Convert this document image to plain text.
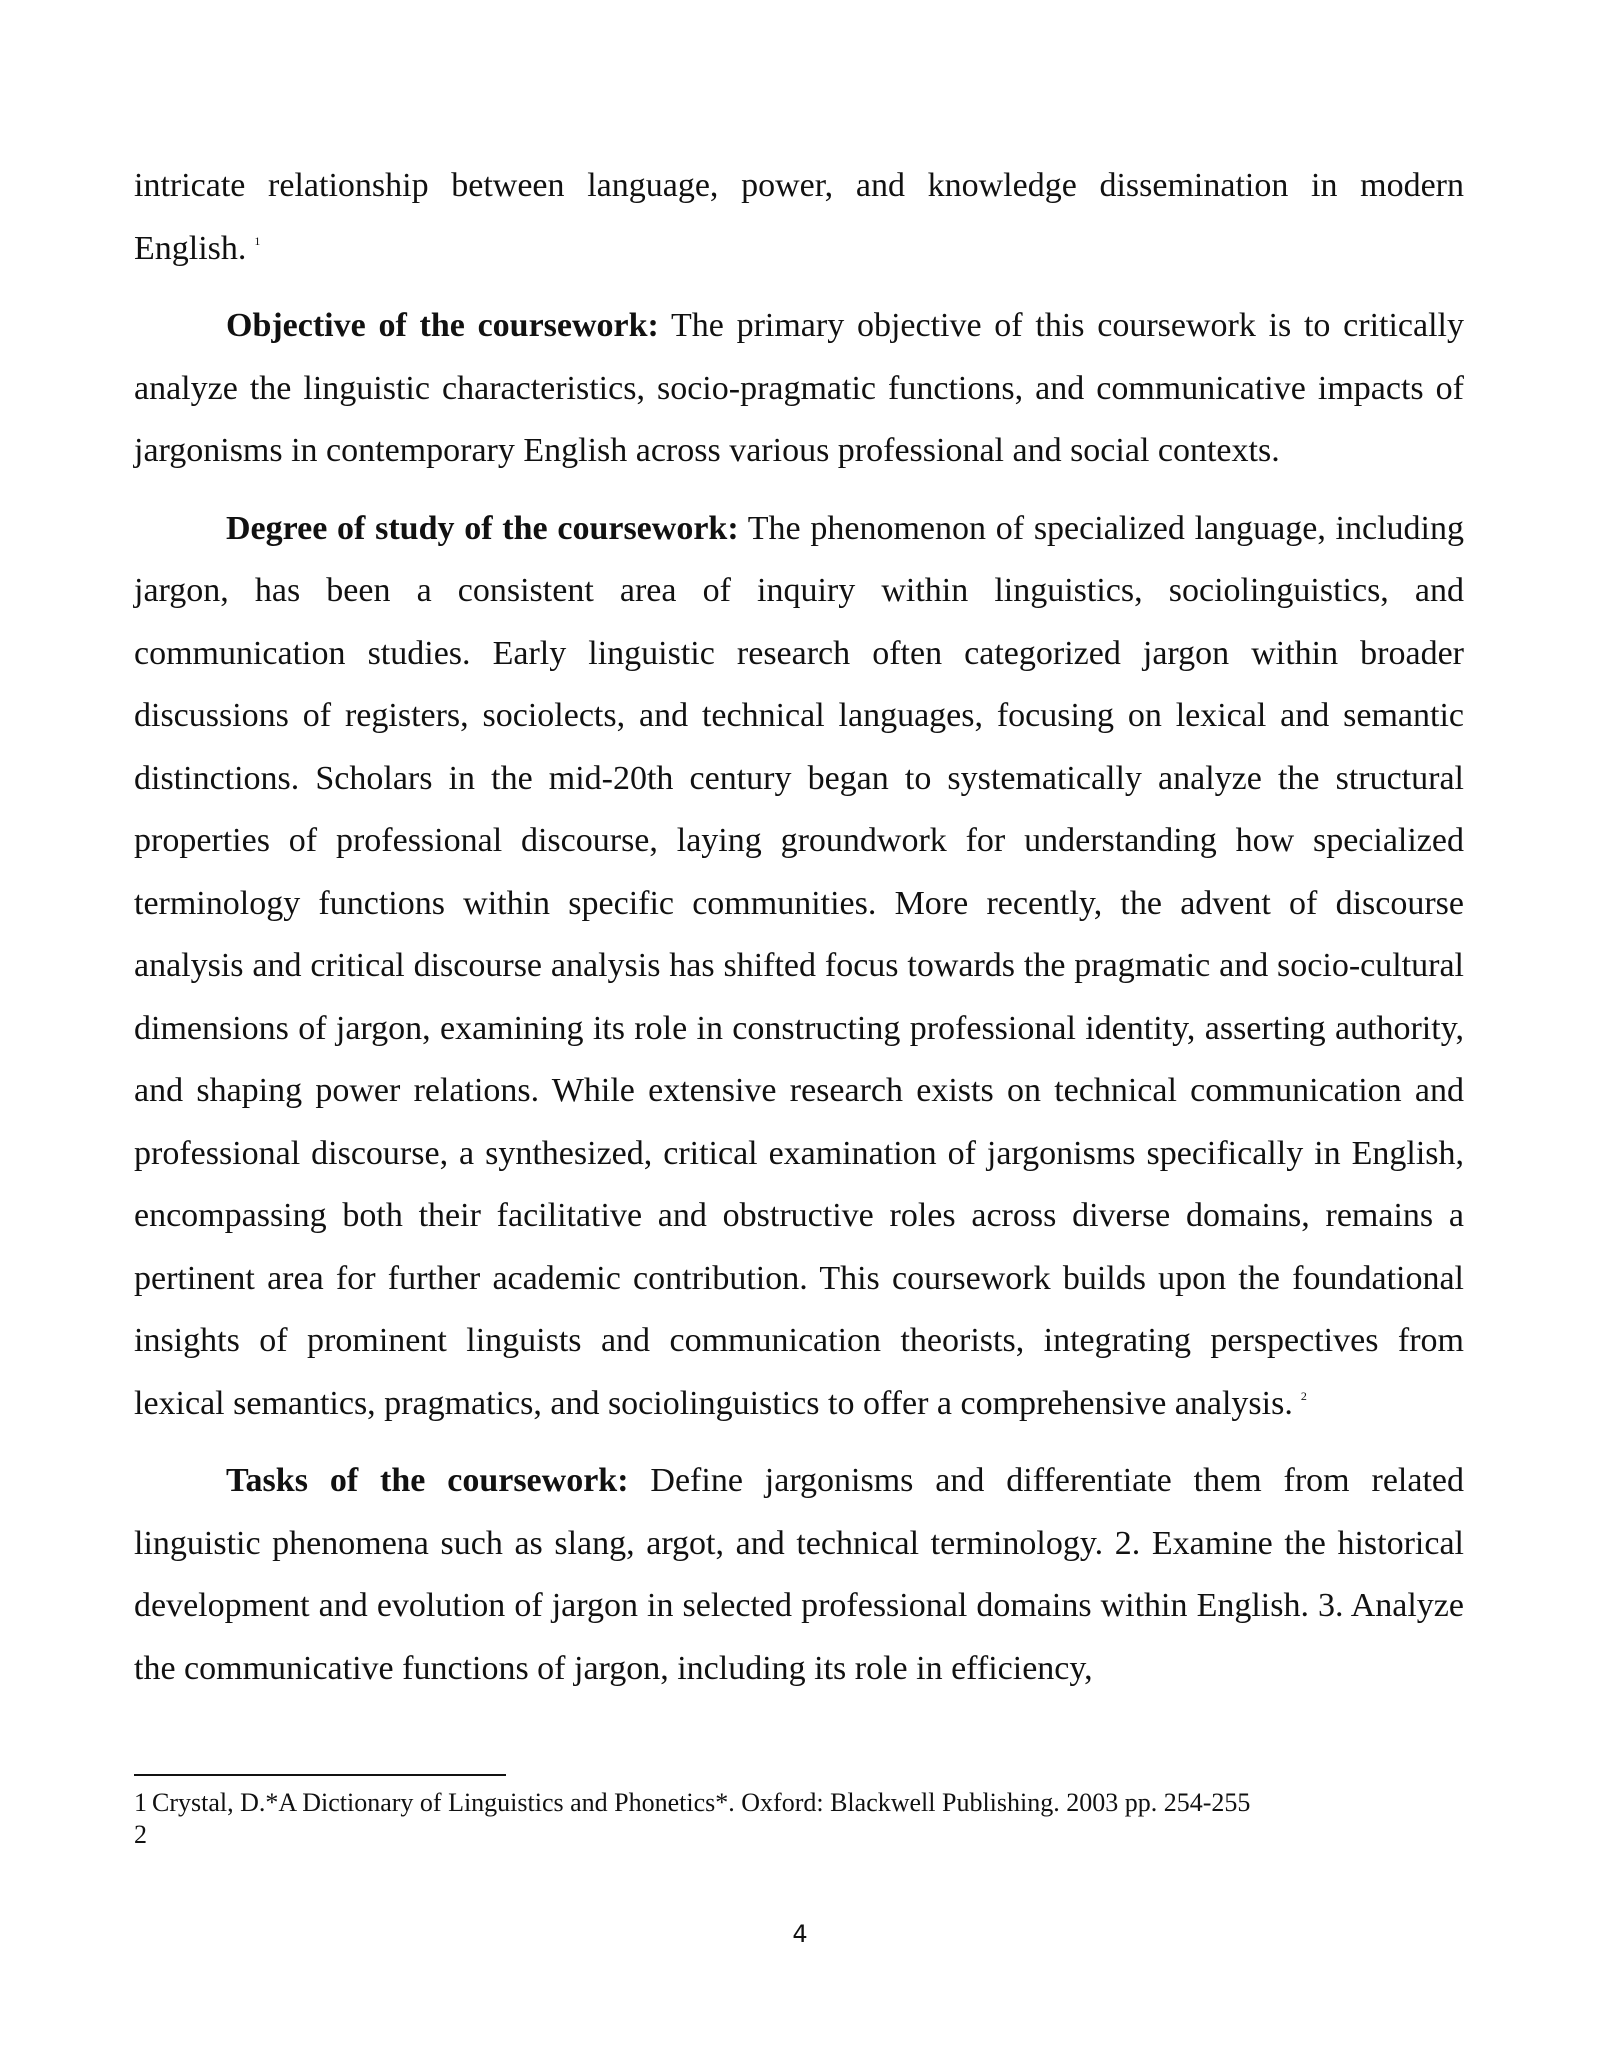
intricate relationship between language, power, and knowledge dissemination in modern English. $^1$

Objective of the coursework: The primary objective of this coursework is to critically analyze the linguistic characteristics, socio-pragmatic functions, and communicative impacts of jargonisms in contemporary English across various professional and social contexts.

Degree of study of the coursework: The phenomenon of specialized language, including jargon, has been a consistent area of inquiry within linguistics, sociolinguistics, and communication studies. Early linguistic research often categorized jargon within broader discussions of registers, sociolects, and technical languages, focusing on lexical and semantic distinctions. Scholars in the mid-20th century began to systematically analyze the structural properties of professional discourse, laying groundwork for understanding how specialized terminology functions within specific communities. More recently, the advent of discourse analysis and critical discourse analysis has shifted focus towards the pragmatic and socio-cultural dimensions of jargon, examining its role in constructing professional identity, asserting authority, and shaping power relations. While extensive research exists on technical communication and professional discourse, a synthesized, critical examination of jargonisms specifically in English, encompassing both their facilitative and obstructive roles across diverse domains, remains a pertinent area for further academic contribution. This coursework builds upon the foundational insights of prominent linguists and communication theorists, integrating perspectives from lexical semantics, pragmatics, and sociolinguistics to offer a comprehensive analysis. $^2$

Tasks of the coursework: Define jargonisms and differentiate them from related linguistic phenomena such as slang, argot, and technical terminology. 2. Examine the historical development and evolution of jargon in selected professional domains within English. 3. Analyze the communicative functions of jargon, including its role in efficiency,

1 Crystal, D.*A Dictionary of Linguistics and Phonetics*. Oxford: Blackwell Publishing. 2003 pp. 254-255

2

4
